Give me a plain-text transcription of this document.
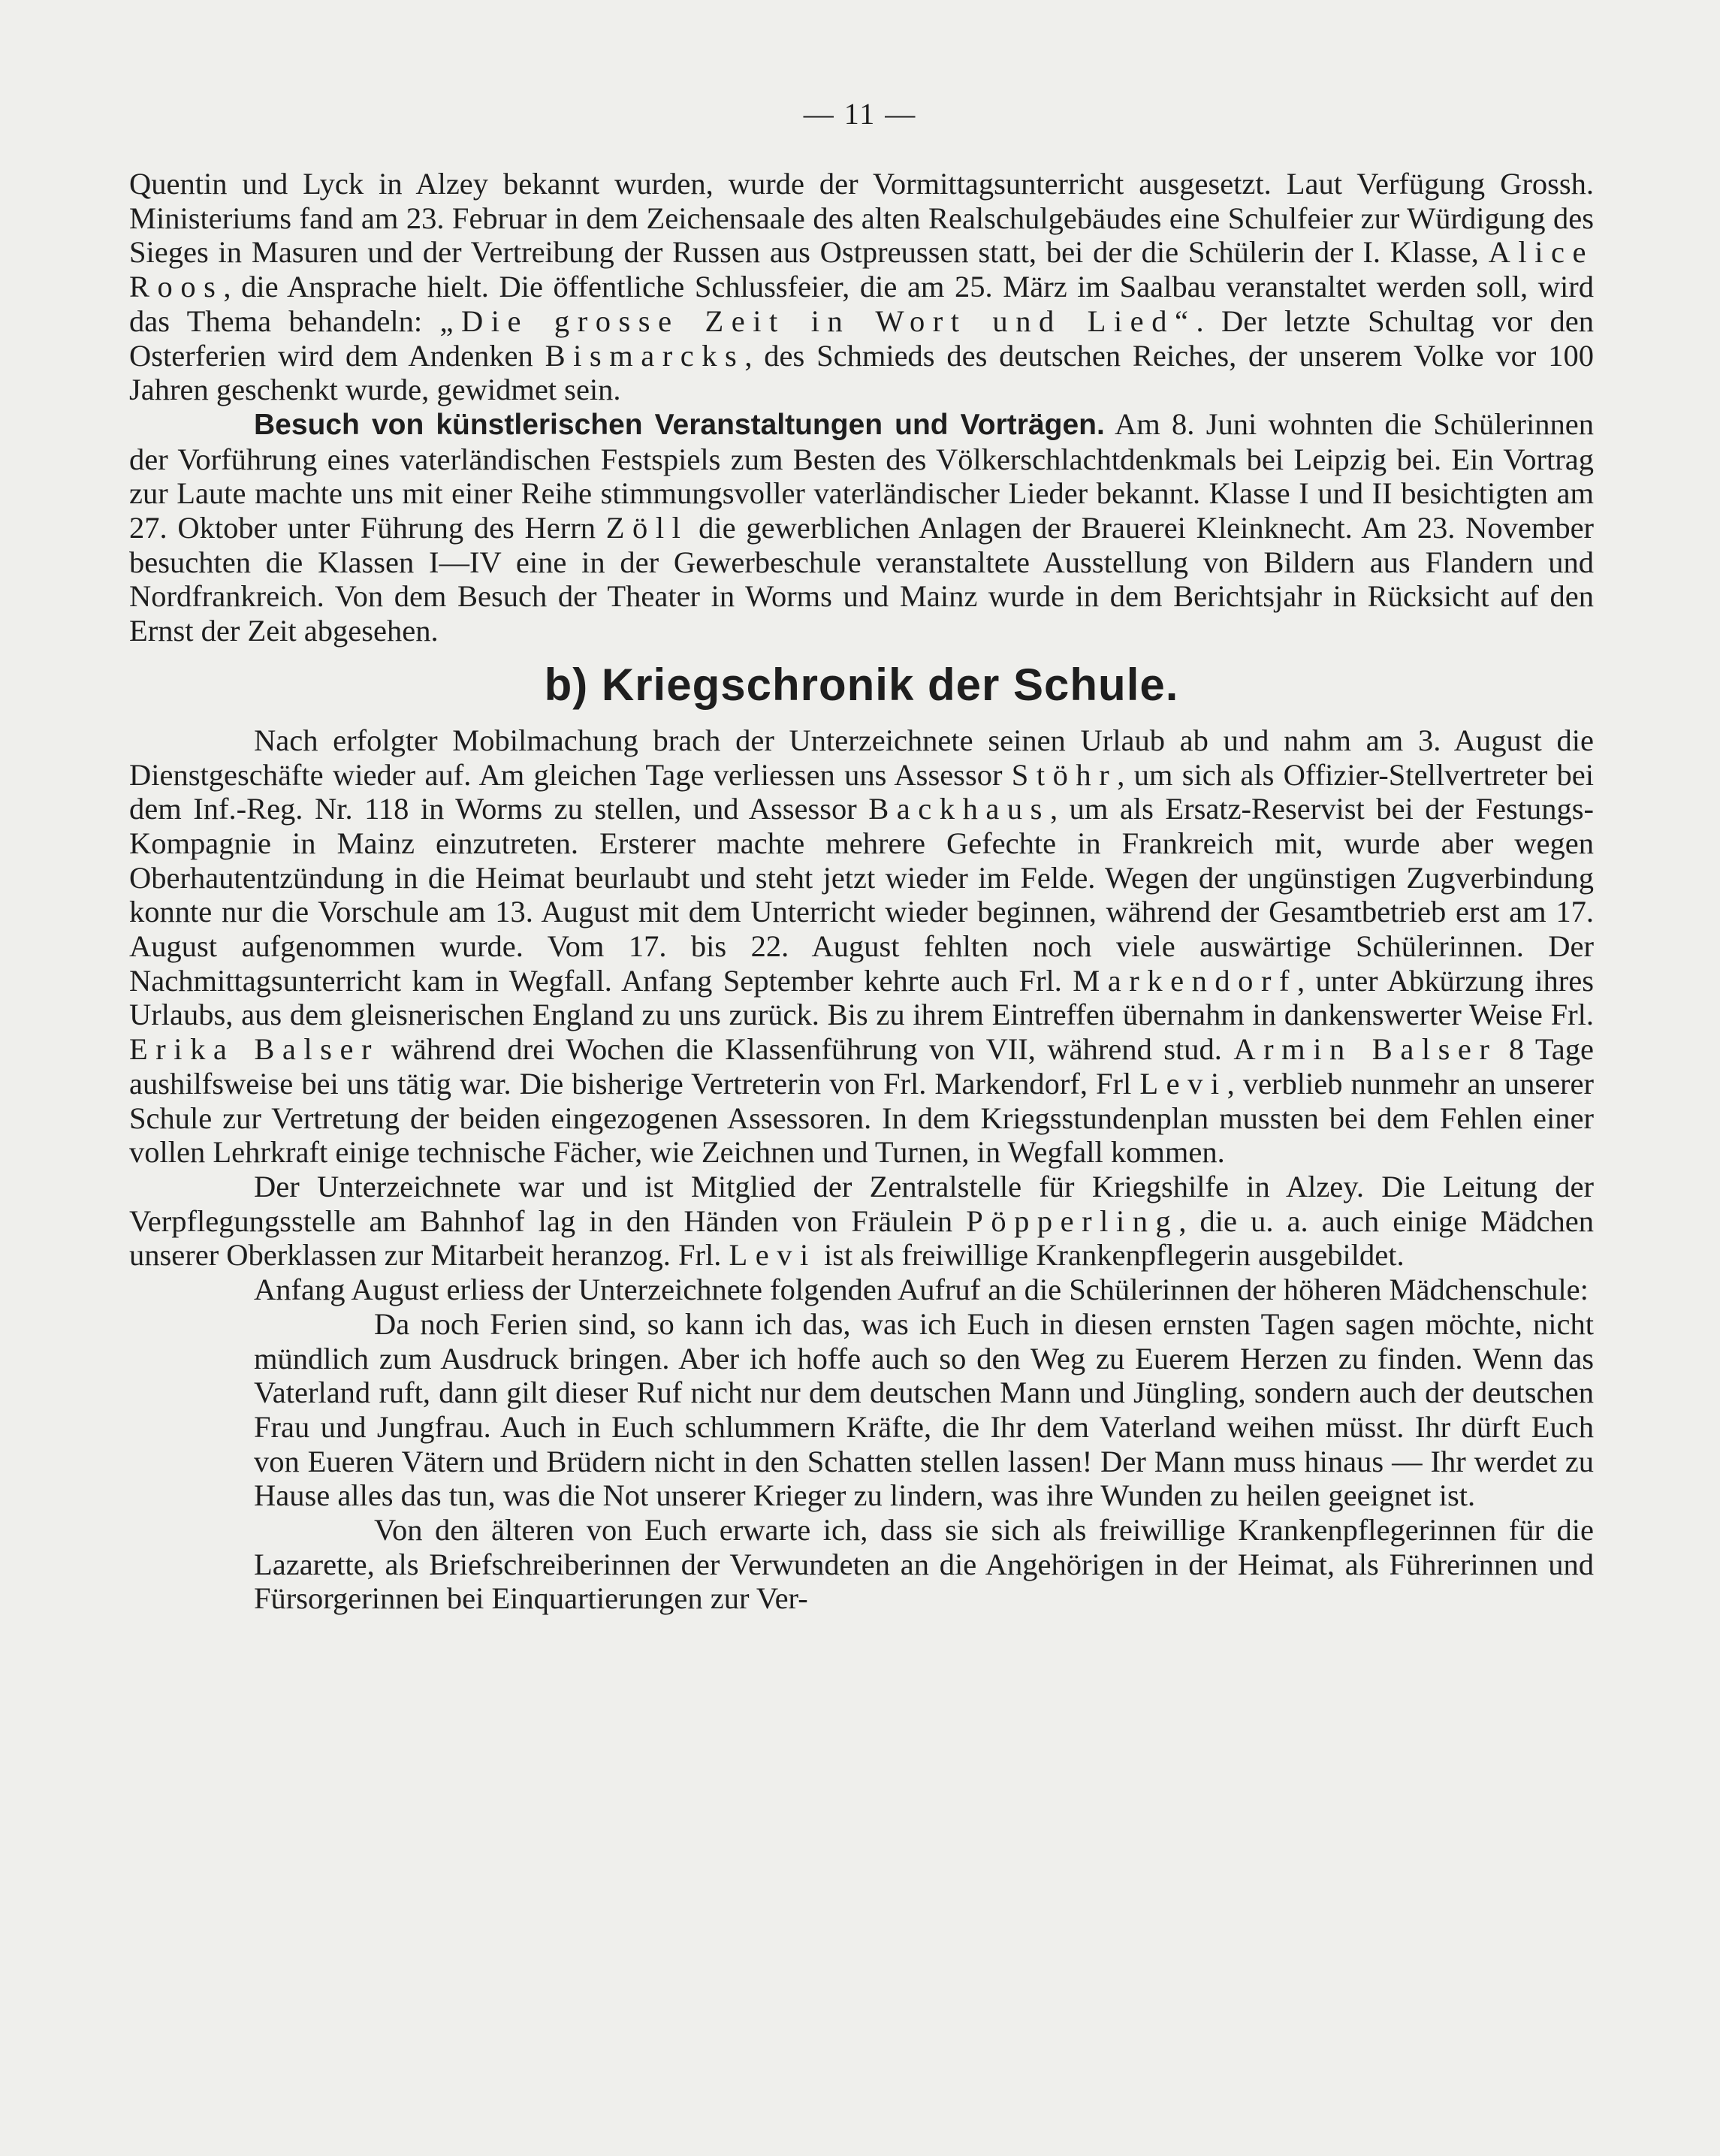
— 11 —

Quentin und Lyck in Alzey bekannt wurden, wurde der Vormittagsunterricht ausgesetzt. Laut Verfügung Grossh. Ministeriums fand am 23. Februar in dem Zeichensaale des alten Realschulgebäudes eine Schulfeier zur Würdigung des Sieges in Masuren und der Vertreibung der Russen aus Ostpreussen statt, bei der die Schülerin der I. Klasse, Alice Roos, die Ansprache hielt. Die öffentliche Schlussfeier, die am 25. März im Saalbau veranstaltet werden soll, wird das Thema behandeln: „Die grosse Zeit in Wort und Lied“. Der letzte Schultag vor den Osterferien wird dem Andenken Bismarcks, des Schmieds des deutschen Reiches, der unserem Volke vor 100 Jahren geschenkt wurde, gewidmet sein.

Besuch von künstlerischen Veranstaltungen und Vorträgen. Am 8. Juni wohnten die Schülerinnen der Vorführung eines vaterländischen Festspiels zum Besten des Völkerschlachtdenkmals bei Leipzig bei. Ein Vortrag zur Laute machte uns mit einer Reihe stimmungsvoller vaterländischer Lieder bekannt. Klasse I und II besichtigten am 27. Oktober unter Führung des Herrn Zöll die gewerblichen Anlagen der Brauerei Kleinknecht. Am 23. November besuchten die Klassen I—IV eine in der Gewerbeschule veranstaltete Ausstellung von Bildern aus Flandern und Nordfrankreich. Von dem Besuch der Theater in Worms und Mainz wurde in dem Berichtsjahr in Rücksicht auf den Ernst der Zeit abgesehen.

b) Kriegschronik der Schule.

Nach erfolgter Mobilmachung brach der Unterzeichnete seinen Urlaub ab und nahm am 3. August die Dienstgeschäfte wieder auf. Am gleichen Tage verliessen uns Assessor Stöhr, um sich als Offizier-Stellvertreter bei dem Inf.-Reg. Nr. 118 in Worms zu stellen, und Assessor Backhaus, um als Ersatz-Reservist bei der Festungs-Kompagnie in Mainz einzutreten. Ersterer machte mehrere Gefechte in Frankreich mit, wurde aber wegen Oberhautentzündung in die Heimat beurlaubt und steht jetzt wieder im Felde. Wegen der ungünstigen Zugverbindung konnte nur die Vorschule am 13. August mit dem Unterricht wieder beginnen, während der Gesamtbetrieb erst am 17. August aufgenommen wurde. Vom 17. bis 22. August fehlten noch viele auswärtige Schülerinnen. Der Nachmittagsunterricht kam in Wegfall. Anfang September kehrte auch Frl. Markendorf, unter Abkürzung ihres Urlaubs, aus dem gleisnerischen England zu uns zurück. Bis zu ihrem Eintreffen übernahm in dankenswerter Weise Frl. Erika Balser während drei Wochen die Klassenführung von VII, während stud. Armin Balser 8 Tage aushilfsweise bei uns tätig war. Die bisherige Vertreterin von Frl. Markendorf, Frl Levi, verblieb nunmehr an unserer Schule zur Vertretung der beiden eingezogenen Assessoren. In dem Kriegsstundenplan mussten bei dem Fehlen einer vollen Lehrkraft einige technische Fächer, wie Zeichnen und Turnen, in Wegfall kommen.

Der Unterzeichnete war und ist Mitglied der Zentralstelle für Kriegshilfe in Alzey. Die Leitung der Verpflegungsstelle am Bahnhof lag in den Händen von Fräulein Pöpperling, die u. a. auch einige Mädchen unserer Oberklassen zur Mitarbeit heranzog. Frl. Levi ist als freiwillige Krankenpflegerin ausgebildet.

Anfang August erliess der Unterzeichnete folgenden Aufruf an die Schülerinnen der höheren Mädchenschule:

Da noch Ferien sind, so kann ich das, was ich Euch in diesen ernsten Tagen sagen möchte, nicht mündlich zum Ausdruck bringen. Aber ich hoffe auch so den Weg zu Euerem Herzen zu finden. Wenn das Vaterland ruft, dann gilt dieser Ruf nicht nur dem deutschen Mann und Jüngling, sondern auch der deutschen Frau und Jungfrau. Auch in Euch schlummern Kräfte, die Ihr dem Vaterland weihen müsst. Ihr dürft Euch von Eueren Vätern und Brüdern nicht in den Schatten stellen lassen! Der Mann muss hinaus — Ihr werdet zu Hause alles das tun, was die Not unserer Krieger zu lindern, was ihre Wunden zu heilen geeignet ist.

Von den älteren von Euch erwarte ich, dass sie sich als freiwillige Krankenpflegerinnen für die Lazarette, als Briefschreiberinnen der Verwundeten an die Angehörigen in der Heimat, als Führerinnen und Fürsorgerinnen bei Einquartierungen zur Ver-
